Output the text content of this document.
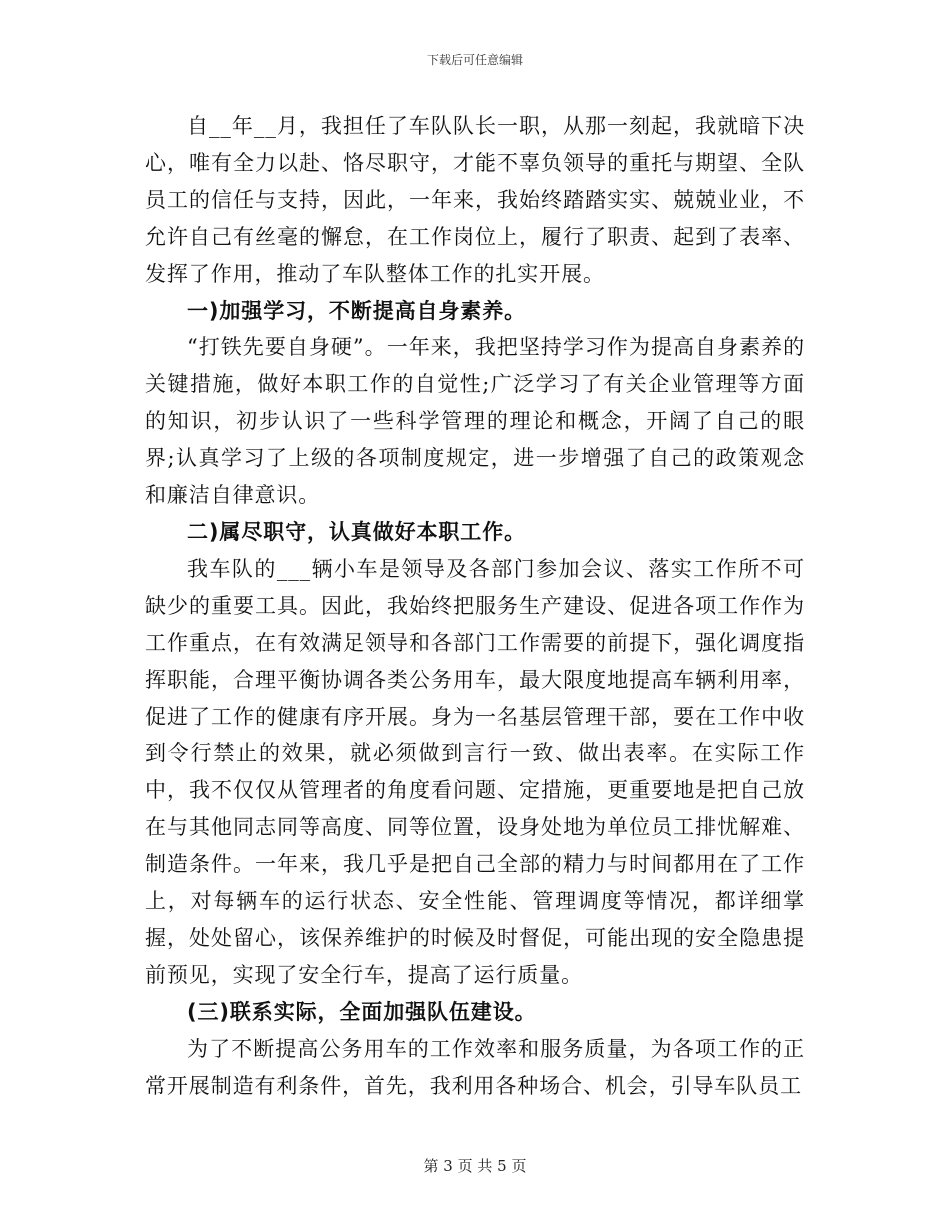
下载后可任意编辑

自__年__月，我担任了车队队长一职，从那一刻起，我就暗下决心，唯有全力以赴、恪尽职守，才能不辜负领导的重托与期望、全队员工的信任与支持，因此，一年来，我始终踏踏实实、兢兢业业，不允许自己有丝毫的懈怠，在工作岗位上，履行了职责、起到了表率、发挥了作用，推动了车队整体工作的扎实开展。

一)加强学习，不断提高自身素养。

“打铁先要自身硬”。一年来，我把坚持学习作为提高自身素养的关键措施，做好本职工作的自觉性;广泛学习了有关企业管理等方面的知识，初步认识了一些科学管理的理论和概念，开阔了自己的眼界;认真学习了上级的各项制度规定，进一步增强了自己的政策观念和廉洁自律意识。

二)属尽职守，认真做好本职工作。

我车队的___辆小车是领导及各部门参加会议、落实工作所不可缺少的重要工具。因此，我始终把服务生产建设、促进各项工作作为工作重点，在有效满足领导和各部门工作需要的前提下，强化调度指挥职能，合理平衡协调各类公务用车，最大限度地提高车辆利用率，促进了工作的健康有序开展。身为一名基层管理干部，要在工作中收到令行禁止的效果，就必须做到言行一致、做出表率。在实际工作中，我不仅仅从管理者的角度看问题、定措施，更重要地是把自己放在与其他同志同等高度、同等位置，设身处地为单位员工排忧解难、制造条件。一年来，我几乎是把自己全部的精力与时间都用在了工作上，对每辆车的运行状态、安全性能、管理调度等情况，都详细掌握，处处留心，该保养维护的时候及时督促，可能出现的安全隐患提前预见，实现了安全行车，提高了运行质量。

(三)联系实际，全面加强队伍建设。

为了不断提高公务用车的工作效率和服务质量，为各项工作的正常开展制造有利条件，首先，我利用各种场合、机会，引导车队员工

第 3 页 共 5 页
